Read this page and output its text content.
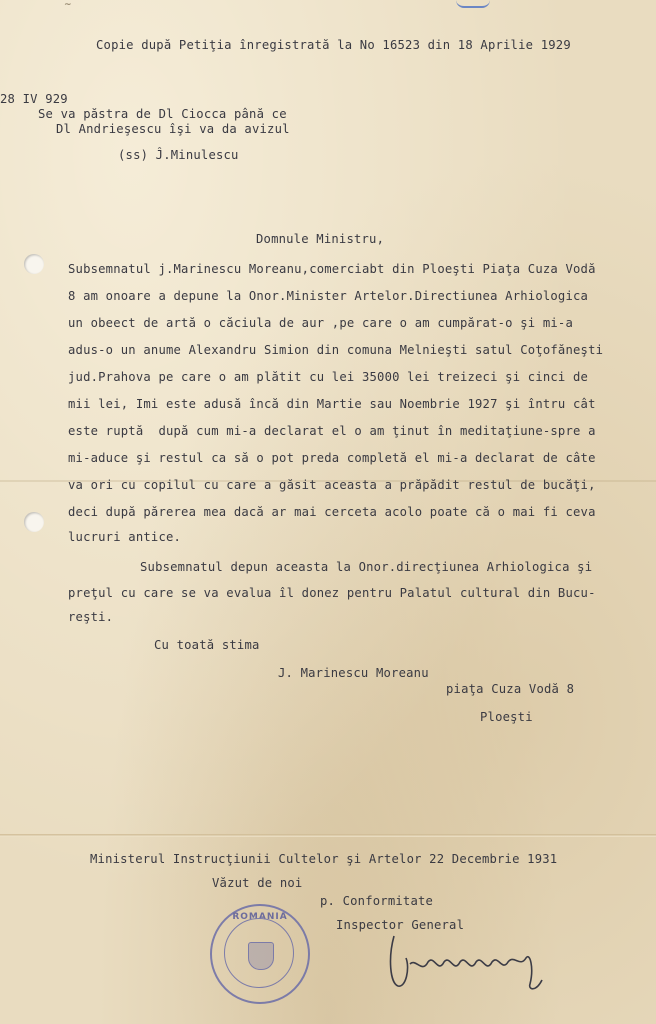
~
Copie după Petiţia înregistrată la No 16523 din 18 Aprilie 1929
28 IV 929
Se va păstra de Dl Ciocca până ce
Dl Andrieşescu îşi va da avizul
(ss) Ĵ.Minulescu
Domnule Ministru,
Subsemnatul j.Marinescu Moreanu,comerciabt din Ploeşti Piaţa Cuza Vodă
8 am onoare a depune la Onor.Minister Artelor.Directiunea Arhiologica
un obeect de artă o căciula de aur ,pe care o am cumpărat-o şi mi-a
adus-o un anume Alexandru Simion din comuna Melnieşti satul Coţofăneşti
jud.Prahova pe care o am plătit cu lei 35000 lei treizeci şi cinci de
mii lei, Imi este adusă încă din Martie sau Noembrie 1927 şi întru cât
este ruptă  după cum mi-a declarat el o am ţinut în meditaţiune-spre a
mi-aduce şi restul ca să o pot preda completă el mi-a declarat de câte
va ori cu copilul cu care a găsit aceasta a prăpădit restul de bucăţi,
deci după părerea mea dacă ar mai cerceta acolo poate că o mai fi ceva
lucruri antice.
Subsemnatul depun aceasta la Onor.direcţiunea Arhiologica şi
preţul cu care se va evalua îl donez pentru Palatul cultural din Bucu-
reşti.
Cu toată stima
J. Marinescu Moreanu
piaţa Cuza Vodă 8
Ploeşti
Ministerul Instrucţiunii Cultelor şi Artelor 22 Decembrie 1931
Văzut de noi
p. Conformitate
Inspector General
ROMANIA
